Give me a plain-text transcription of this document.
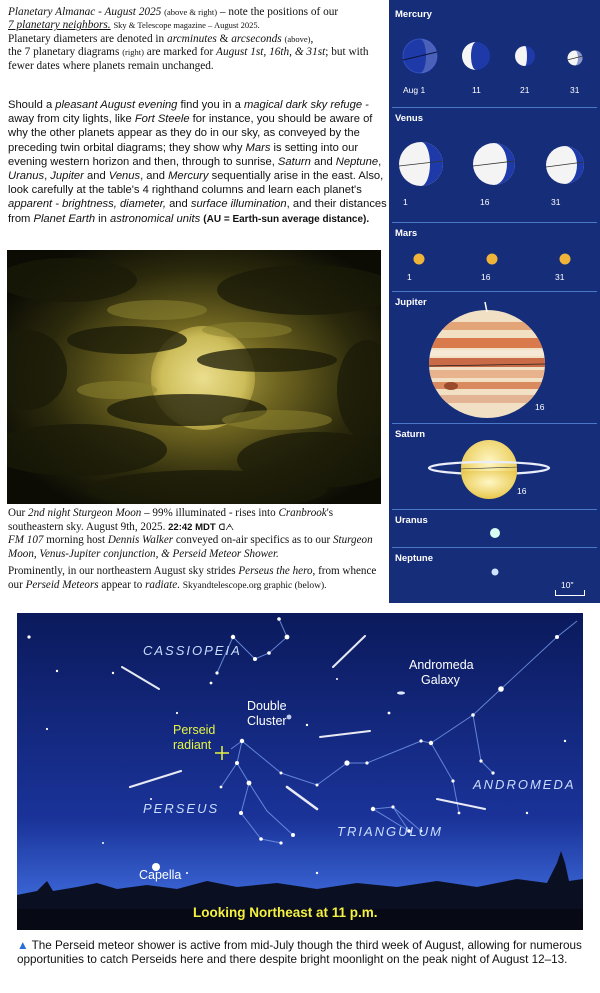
Planetary Almanac - August 2025 (above & right) – note the positions of our

7 planetary neighbors. Sky & Telescope magazine – August 2025.

Planetary diameters are denoted in arcminutes & arcseconds (above),

the 7 planetary diagrams (right) are marked for August 1st, 16th, & 31st; but with

fewer dates where planets remain unchanged.

Should a pleasant August evening find you in a magical dark sky refuge - away from city lights, like Fort Steele for instance, you should be aware of why the other planets appear as they do in our sky, as conveyed by the preceding twin orbital diagrams; they show why Mars is setting into our evening western horizon and then, through to sunrise, Saturn and Neptune, Uranus, Jupiter and Venus, and Mercury sequentially arise in the east. Also, look carefully at the table's 4 righthand columns and learn each planet's apparent - brightness, diameter, and surface illumination, and their distances from Planet Earth in astronomical units (AU = Earth-sun average distance).

Our 2nd night Sturgeon Moon – 99% illuminated - rises into Cranbrook's southeastern sky. August 9th, 2025. 22:42 MDT ᗡᗅ
FM 107 morning host Dennis Walker conveyed on-air specifics as to our Sturgeon Moon, Venus-Jupiter conjunction, & Perseid Meteor Shower.

Prominently, in our northeastern August sky strides Perseus the hero, from whence our Perseid Meteors appear to radiate. Skyandtelescope.org graphic (below).

Mercury
Aug 1	11	21	31
Venus
1	16	31
Mars
1	16	31
Jupiter
16
Saturn
16
Uranus
Neptune
10"
CASSIOPEIA
Andromeda
Galaxy
Double
Cluster
Perseid
radiant
PERSEUS
ANDROMEDA
TRIANGULUM
Capella
Looking Northeast at 11 p.m.
▲ The Perseid meteor shower is active from mid-July though the third week of August, allowing for numerous opportunities to catch Perseids here and there despite bright moonlight on the peak night of August 12–13.
